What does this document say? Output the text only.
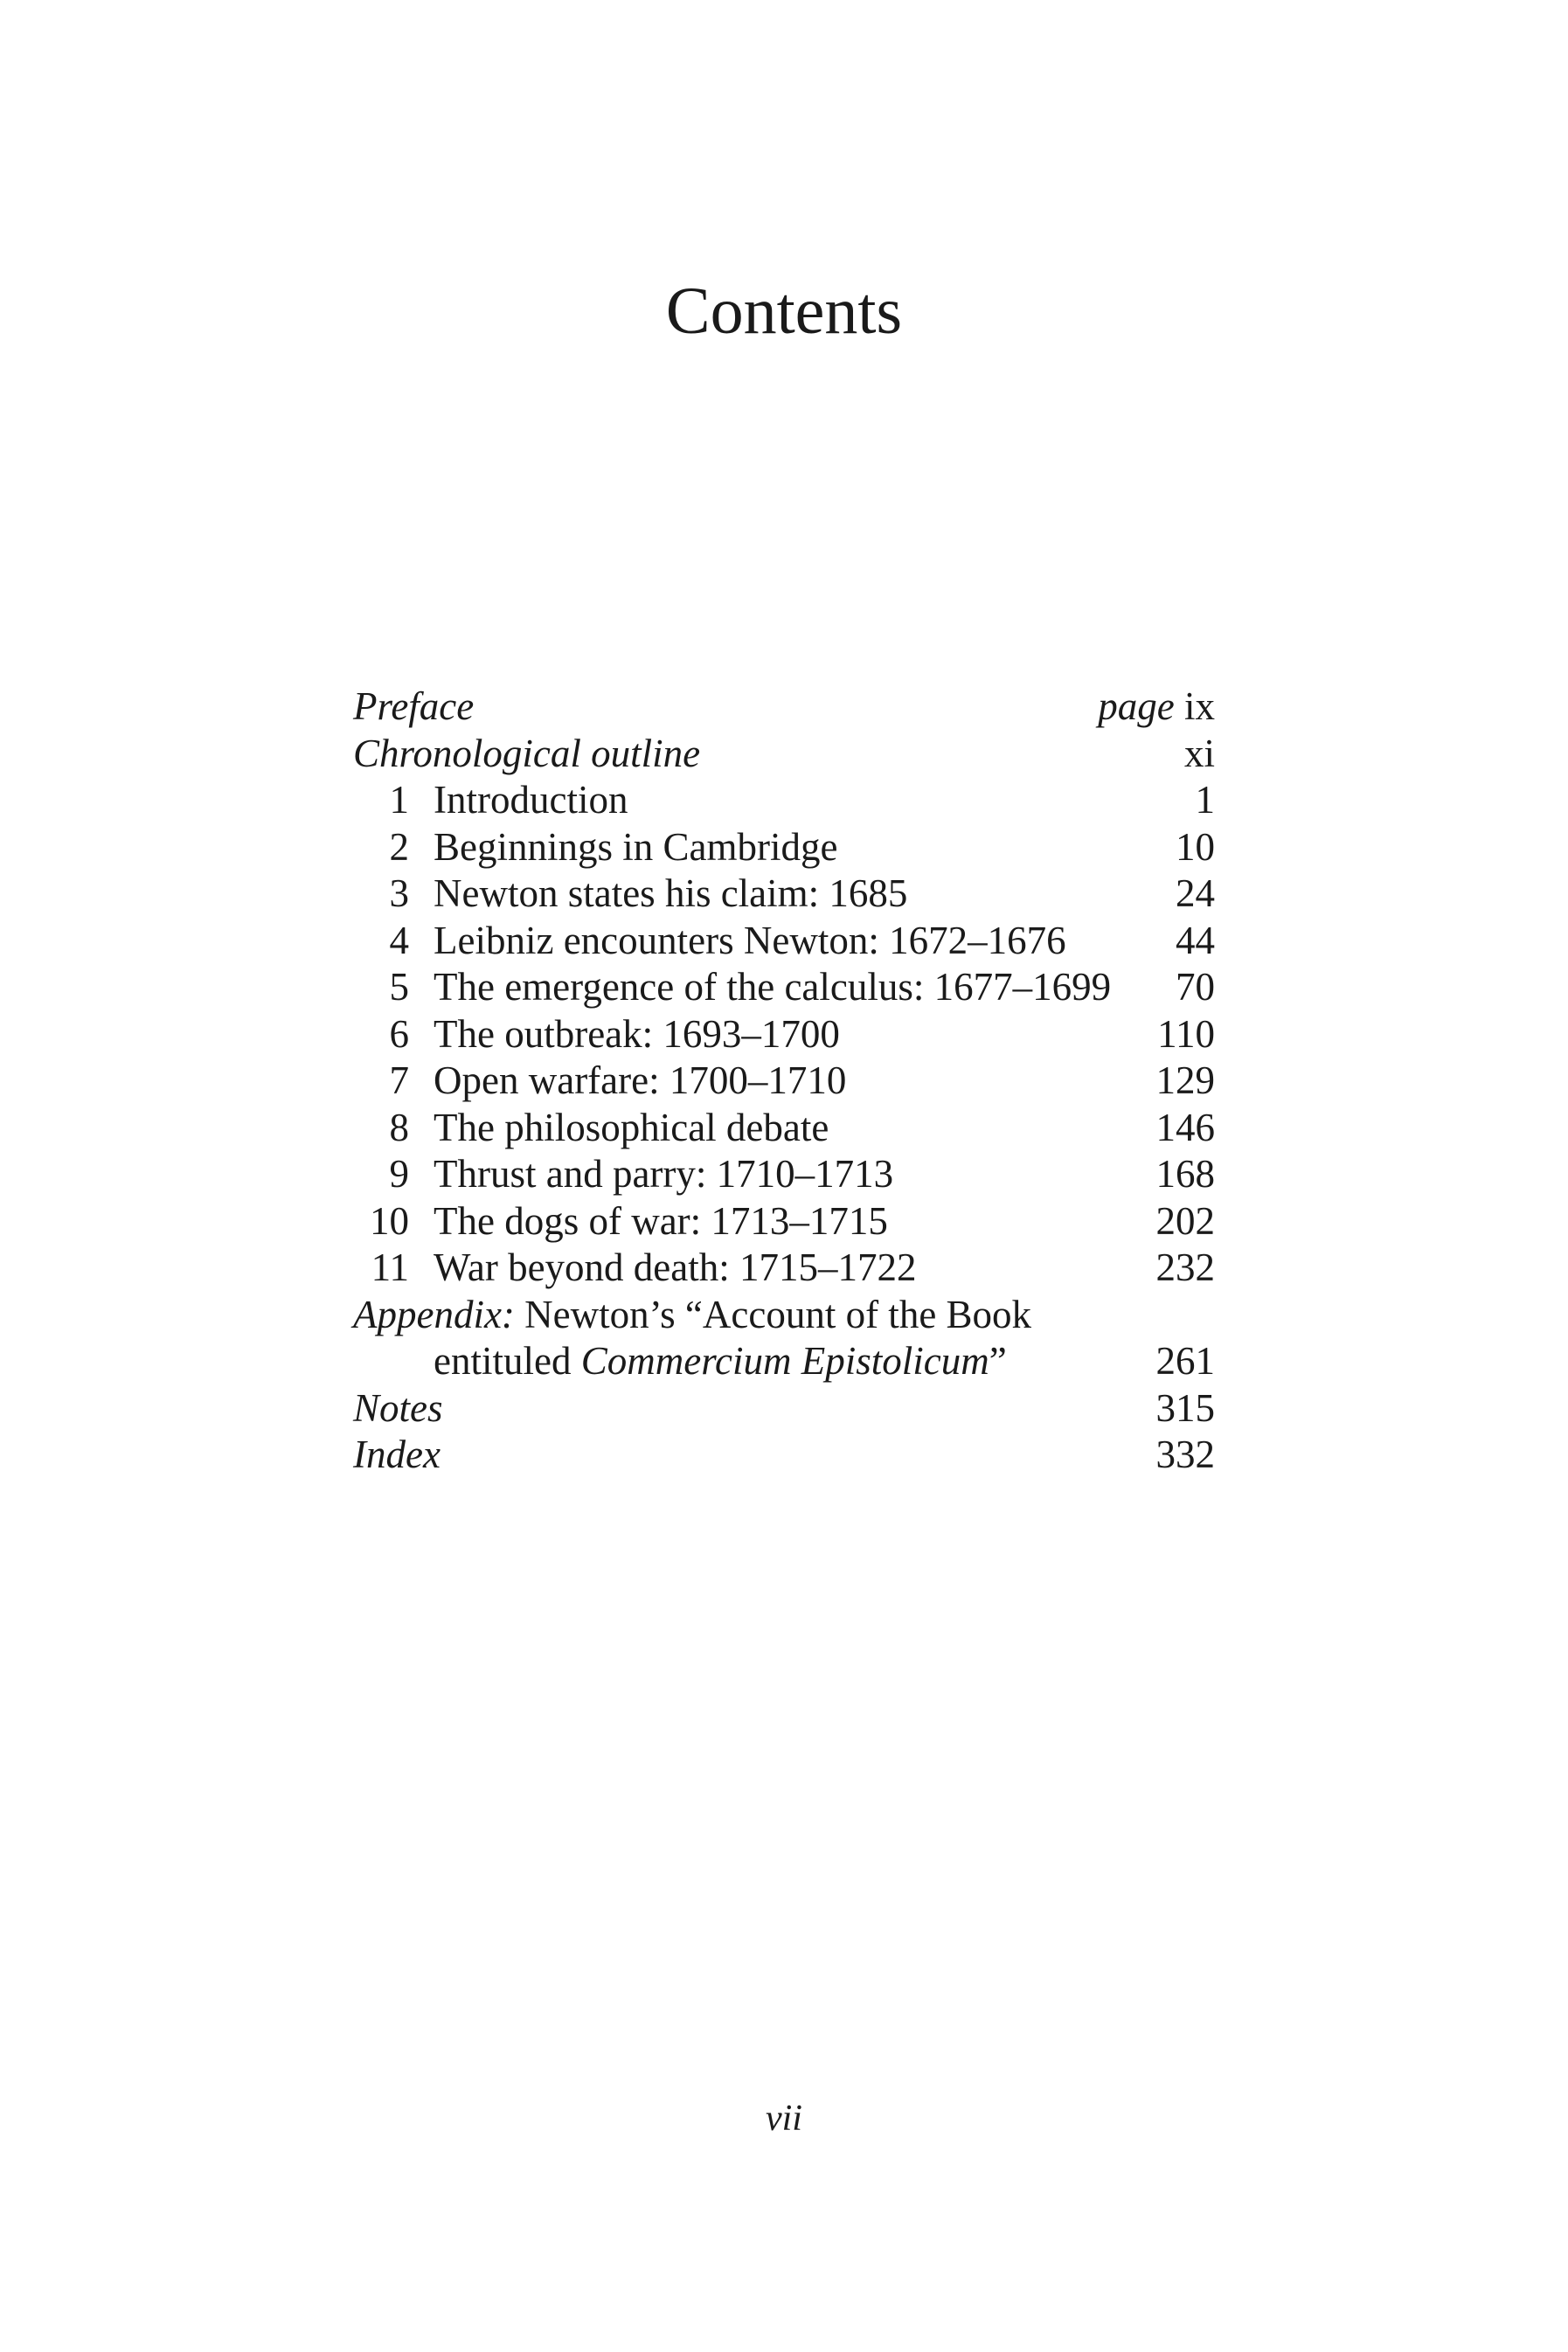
Contents
Preface	page ix
Chronological outline	xi
1 Introduction	1
2 Beginnings in Cambridge	10
3 Newton states his claim: 1685	24
4 Leibniz encounters Newton: 1672–1676	44
5 The emergence of the calculus: 1677–1699	70
6 The outbreak: 1693–1700	110
7 Open warfare: 1700–1710	129
8 The philosophical debate	146
9 Thrust and parry: 1710–1713	168
10 The dogs of war: 1713–1715	202
11 War beyond death: 1715–1722	232
Appendix: Newton’s “Account of the Book
entituled Commercium Epistolicum”	261
Notes	315
Index	332
vii
